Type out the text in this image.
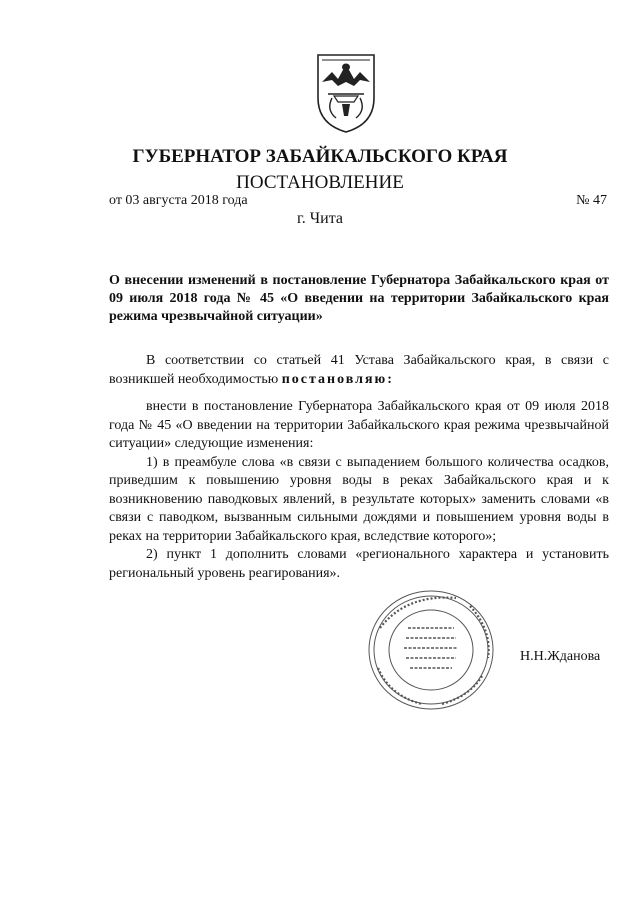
ГУБЕРНАТОР ЗАБАЙКАЛЬСКОГО КРАЯ
ПОСТАНОВЛЕНИЕ
от 03 августа 2018 года	№ 47
г. Чита

О внесении изменений в постановление Губернатора Забайкальского края от 09 июля 2018 года № 45 «О введении на территории Забайкальского края режима чрезвычайной ситуации»

В соответствии со статьей 41 Устава Забайкальского края, в связи с возникшей необходимостью постановляю:

внести в постановление Губернатора Забайкальского края от 09 июля 2018 года № 45 «О введении на территории Забайкальского края режима чрезвычайной ситуации» следующие изменения:

1) в преамбуле слова «в связи с выпадением большого количества осадков, приведшим к повышению уровня воды в реках Забайкальского края и к возникновению паводковых явлений, в результате которых» заменить словами «в связи с паводком, вызванным сильными дождями и повышением уровня воды в реках на территории Забайкальского края, вследствие которого»;

2) пункт 1 дополнить словами «регионального характера и установить региональный уровень реагирования».

Н.Н.Жданова
